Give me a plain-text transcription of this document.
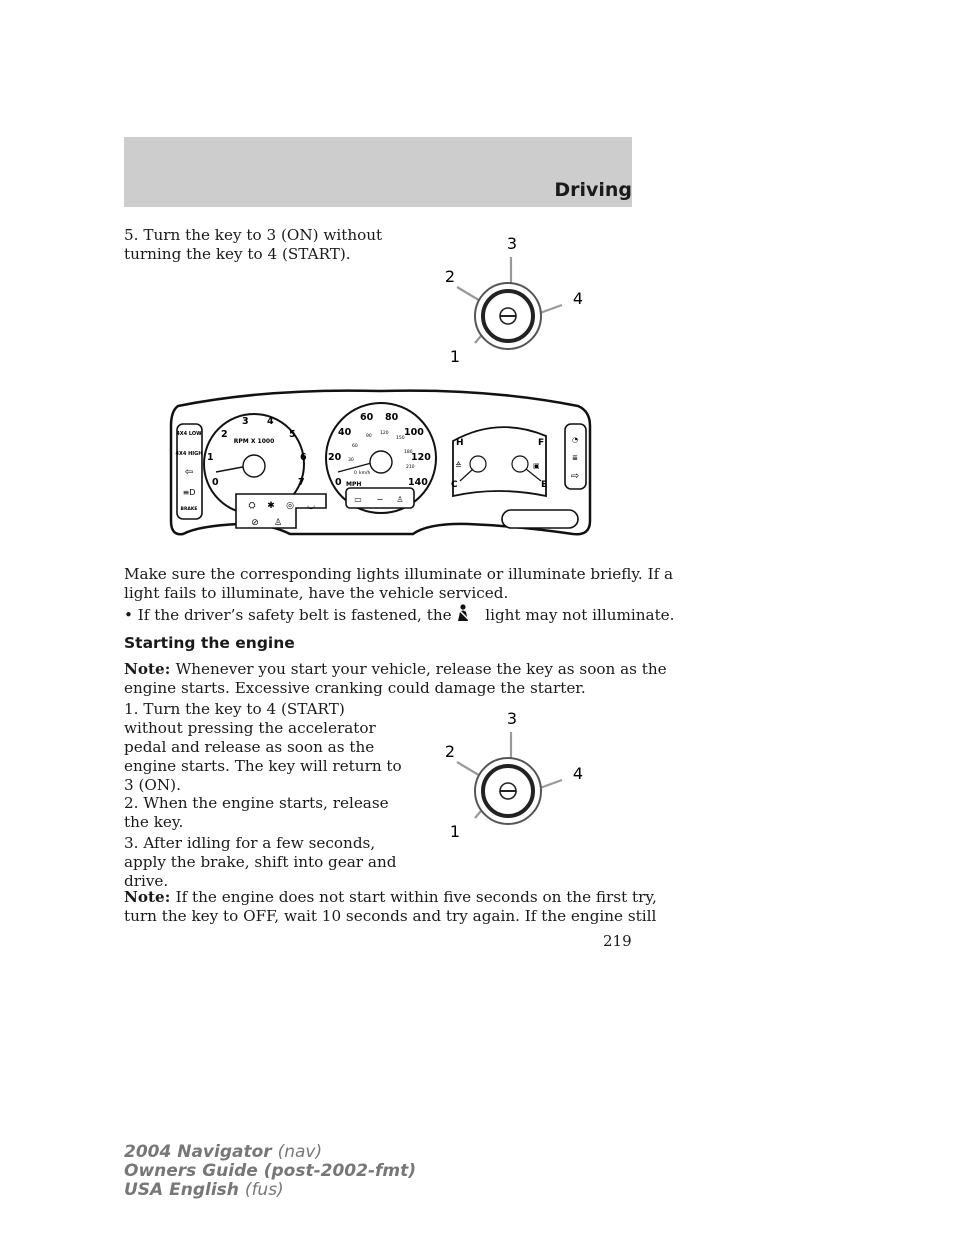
Driving
5. Turn the key to 3 (ON) without
turning the key to 4 (START).
3
2
4
1
4X4 LOW
4X4 HIGH
⇦
≡D
BRAKE
0
1
2
3 4
5
6
7
RPM X 1000
0
20
40
60 80
100
120
140
0
30
60
90
120
150
180
210
km/h
MPH
H
C
F
E
≙	▣
◔
≣
⇨
⛭ ✱ ◎ ◡
⊘ ♙
▭ ∽ ♙
Make sure the corresponding lights illuminate or illuminate briefly. If a
light fails to illuminate, have the vehicle serviced.
• If the driver’s safety belt is fastened, the light may not illuminate.
Starting the engine
Note: Whenever you start your vehicle, release the key as soon as the
engine starts. Excessive cranking could damage the starter.
1. Turn the key to 4 (START)
without pressing the accelerator
pedal and release as soon as the
engine starts. The key will return to
3 (ON).
2. When the engine starts, release
the key.
3. After idling for a few seconds,
apply the brake, shift into gear and
drive.
3
2
4
1
Note: If the engine does not start within five seconds on the first try,
turn the key to OFF, wait 10 seconds and try again. If the engine still
219
2004 Navigator (nav)
Owners Guide (post-2002-fmt)
USA English (fus)
